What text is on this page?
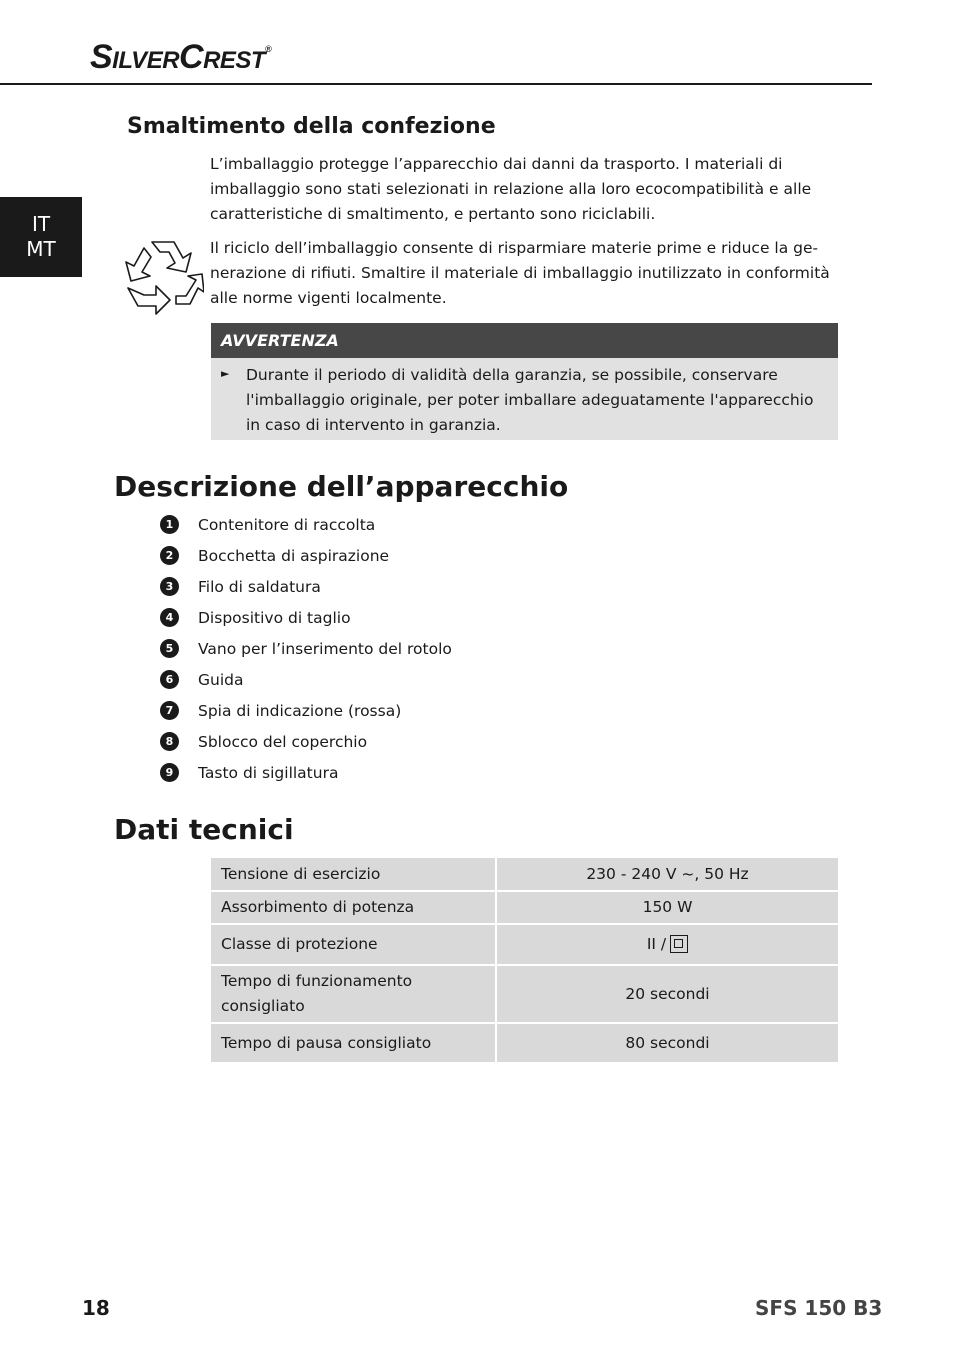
SilverCrest®
IT
MT
Smaltimento della confezione
L’imballaggio protegge l’apparecchio dai danni da trasporto. I materiali di
imballaggio sono stati selezionati in relazione alla loro ecocompatibilità e alle
caratteristiche di smaltimento, e pertanto sono riciclabili.
Il riciclo dell’imballaggio consente di risparmiare materie prime e riduce la ge-
nerazione di rifiuti. Smaltire il materiale di imballaggio inutilizzato in conformità
alle norme vigenti localmente.
AVVERTENZA
► Durante il periodo di validità della garanzia, se possibile, conservare
l'imballaggio originale, per poter imballare adeguatamente l'apparecchio
in caso di intervento in garanzia.
Descrizione dell’apparecchio
1	Contenitore di raccolta
2	Bocchetta di aspirazione
3	Filo di saldatura
4	Dispositivo di taglio
5	Vano per l’inserimento del rotolo
6	Guida
7	Spia di indicazione (rossa)
8	Sblocco del coperchio
9	Tasto di sigillatura
Dati tecnici
Tensione di esercizio	230 - 240 V ~, 50 Hz
Assorbimento di potenza	150 W
Classe di protezione	II /

Tempo di funzionamento
consigliato	20 secondi
Tempo di pausa consigliato	80 secondi
18	SFS 150 B3
